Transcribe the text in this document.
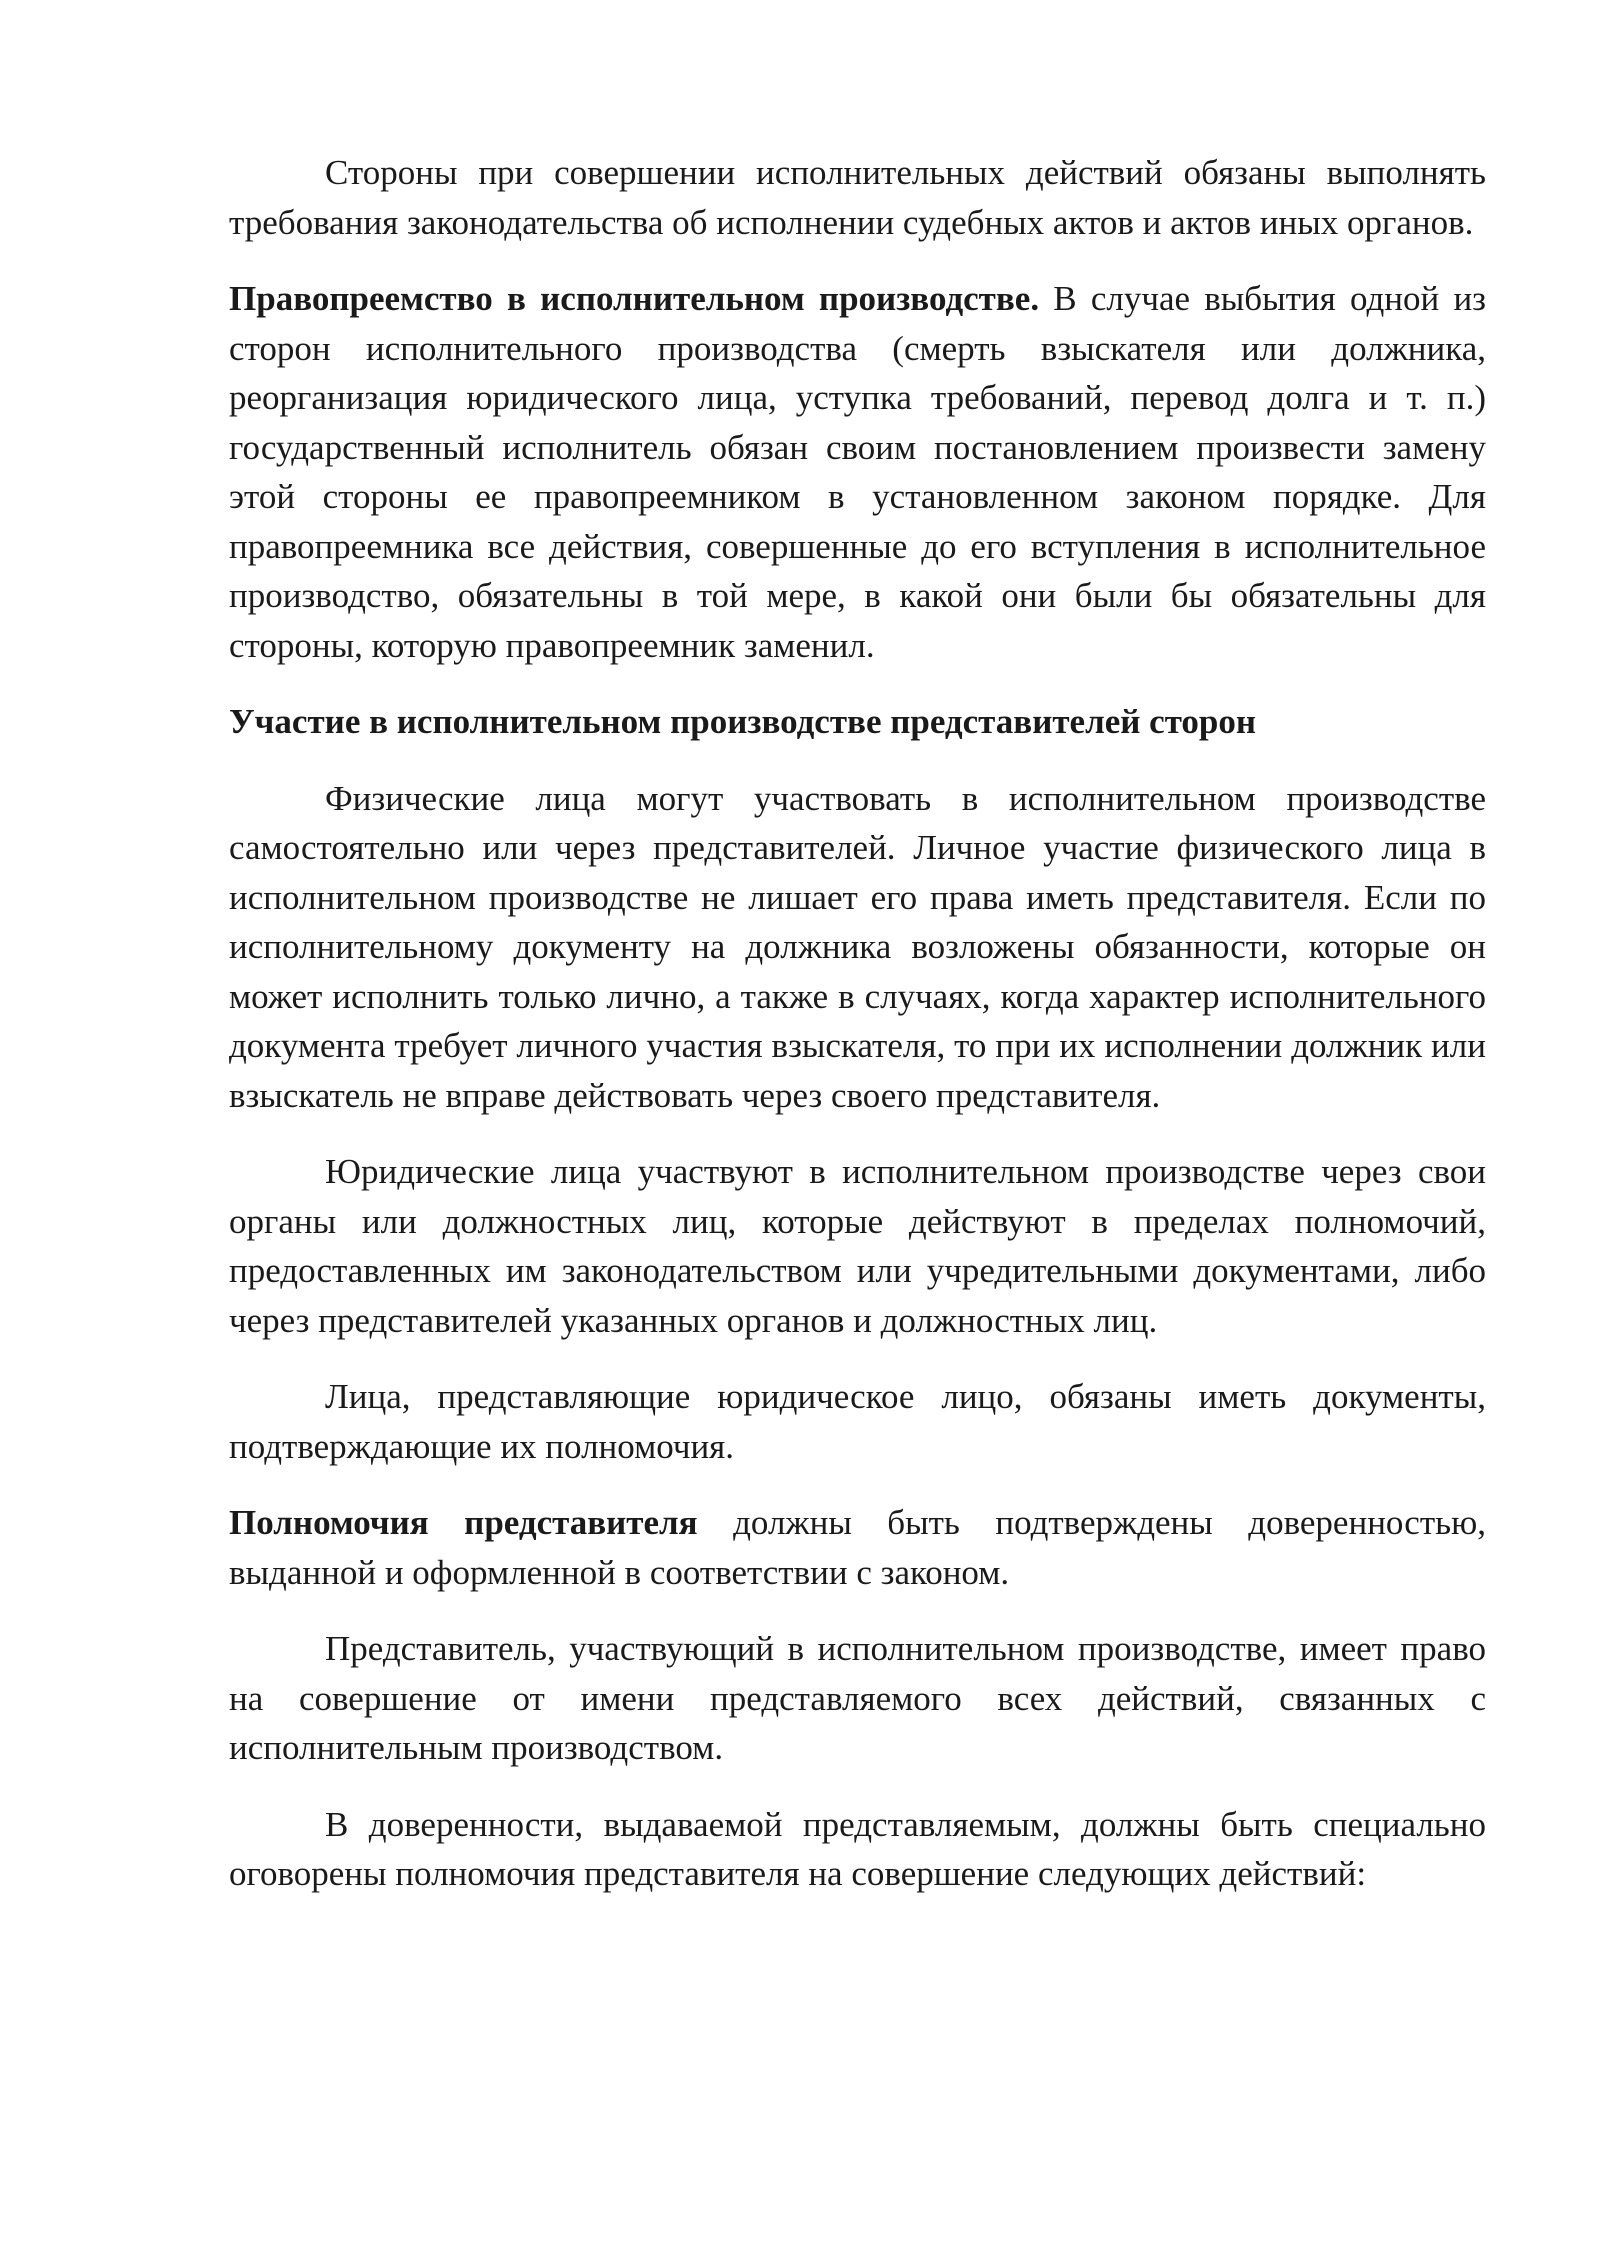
Стороны при совершении исполнительных действий обязаны выполнять требования законодательства об исполнении судебных актов и актов иных органов.

Правопреемство в исполнительном производстве. В случае выбытия одной из сторон исполнительного производства (смерть взыскателя или должника, реорганизация юридического лица, уступка требований, перевод долга и т. п.) государственный исполнитель обязан своим постановлением произвести замену этой стороны ее правопреемником в установленном законом порядке. Для правопреемника все действия, совершенные до его вступления в исполнительное производство, обязательны в той мере, в какой они были бы обязательны для стороны, которую правопреемник заменил.

Участие в исполнительном производстве представителей сторон

Физические лица могут участвовать в исполнительном производстве самостоятельно или через представителей. Личное участие физического лица в исполнительном производстве не лишает его права иметь представителя. Если по исполнительному документу на должника возложены обязанности, которые он может исполнить только лично, а также в случаях, когда характер исполнительного документа требует личного участия взыскателя, то при их исполнении должник или взыскатель не вправе действовать через своего представителя.

Юридические лица участвуют в исполнительном производстве через свои органы или должностных лиц, которые действуют в пределах полномочий, предоставленных им законодательством или учредительными документами, либо через представителей указанных органов и должностных лиц.

Лица, представляющие юридическое лицо, обязаны иметь документы, подтверждающие их полномочия.

Полномочия представителя должны быть подтверждены доверенностью, выданной и оформленной в соответствии с законом.

Представитель, участвующий в исполнительном производстве, имеет право на совершение от имени представляемого всех действий, связанных с исполнительным производством.

В доверенности, выдаваемой представляемым, должны быть специально оговорены полномочия представителя на совершение следующих действий:
